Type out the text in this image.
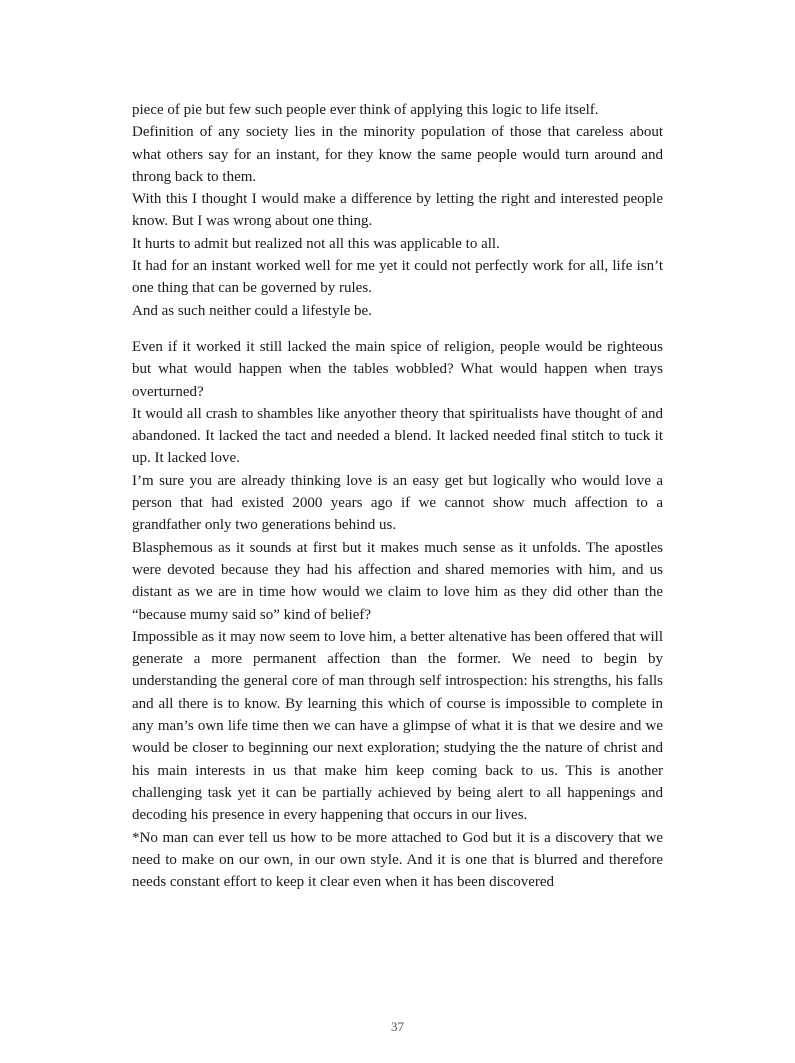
piece of pie but few such people ever think of applying this logic to life itself.

Definition of any society lies in the minority population of those that careless about what others say for an instant, for they know the same people would turn around and throng back to them.

With this I thought I would make a difference by letting the right and interested people know. But I was wrong about one thing.

It hurts to admit but realized not all this was applicable to all.

It had for an instant worked well for me yet it could not perfectly work for all, life isn’t one thing that can be governed by rules.

And as such neither could a lifestyle be.

Even if it worked it still lacked the main spice of religion, people would be righteous but what would happen when the tables wobbled? What would happen when trays overturned?

It would all crash to shambles like anyother theory that spiritualists have thought of and abandoned. It lacked the tact and needed a blend. It lacked needed final stitch to tuck it up. It lacked love.

I’m sure you are already thinking love is an easy get but logically who would love a person that had existed 2000 years ago if we cannot show much affection to a grandfather only two generations behind us.

Blasphemous as it sounds at first but it makes much sense as it unfolds. The apostles were devoted because they had his affection and shared memories with him, and us distant as we are in time how would we claim to love him as they did other than the “because mumy said so” kind of belief?

Impossible as it may now seem to love him, a better altenative has been offered that will generate a more permanent affection than the former. We need to begin by understanding the general core of man through self introspection: his strengths, his falls and all there is to know. By learning this which of course is impossible to complete in any man’s own life time then we can have a glimpse of what it is that we desire and we would be closer to beginning our next exploration; studying the the nature of christ and his main interests in us that make him keep coming back to us. This is another challenging task yet it can be partially achieved by being alert to all happenings and decoding his presence in every happening that occurs in our lives.

*No man can ever tell us how to be more attached to God but it is a discovery that we need to make on our own, in our own style. And it is one that is blurred and therefore needs constant effort to keep it clear even when it has been discovered

37
